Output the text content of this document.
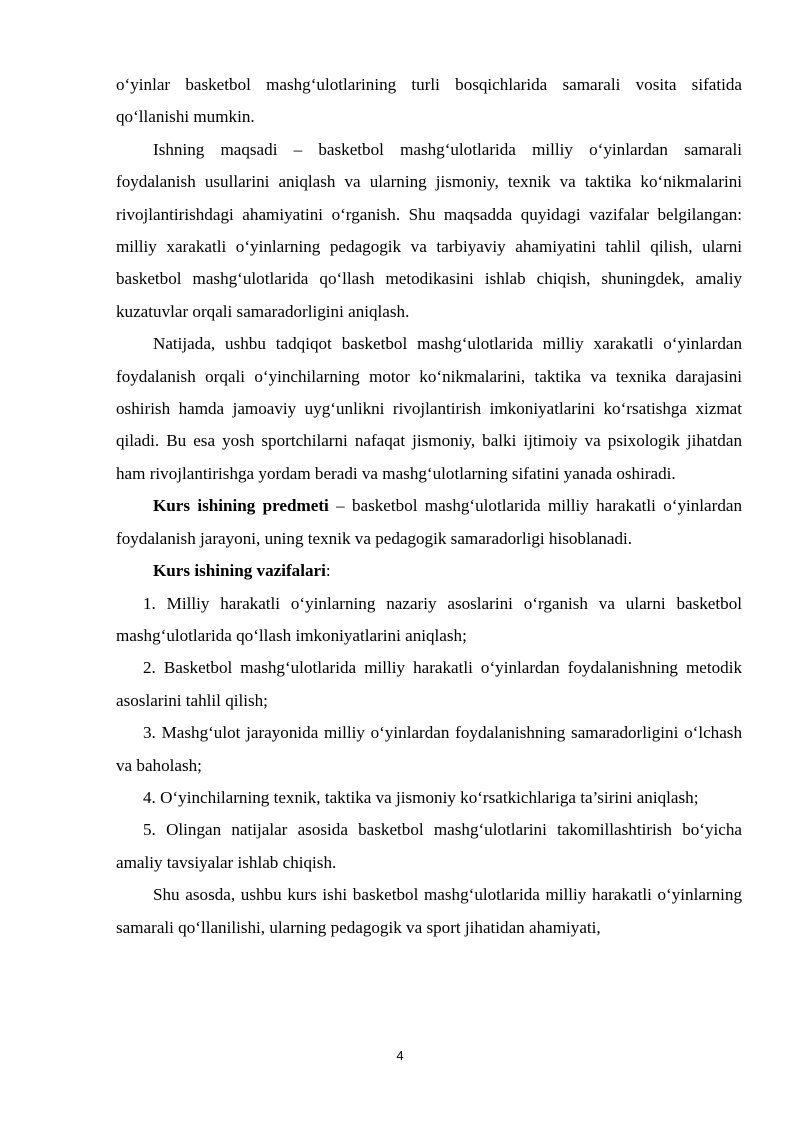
o‘yinlar basketbol mashg‘ulotlarining turli bosqichlarida samarali vosita sifatida qo‘llanishi mumkin.

Ishning maqsadi – basketbol mashg‘ulotlarida milliy o‘yinlardan samarali foydalanish usullarini aniqlash va ularning jismoniy, texnik va taktika ko‘nikmalarini rivojlantirishdagi ahamiyatini o‘rganish. Shu maqsadda quyidagi vazifalar belgilangan: milliy xarakatli o‘yinlarning pedagogik va tarbiyaviy ahamiyatini tahlil qilish, ularni basketbol mashg‘ulotlarida qo‘llash metodikasini ishlab chiqish, shuningdek, amaliy kuzatuvlar orqali samaradorligini aniqlash.

Natijada, ushbu tadqiqot basketbol mashg‘ulotlarida milliy xarakatli o‘yinlardan foydalanish orqali o‘yinchilarning motor ko‘nikmalarini, taktika va texnika darajasini oshirish hamda jamoaviy uyg‘unlikni rivojlantirish imkoniyatlarini ko‘rsatishga xizmat qiladi. Bu esa yosh sportchilarni nafaqat jismoniy, balki ijtimoiy va psixologik jihatdan ham rivojlantirishga yordam beradi va mashg‘ulotlarning sifatini yanada oshiradi.

Kurs ishining predmeti – basketbol mashg‘ulotlarida milliy harakatli o‘yinlardan foydalanish jarayoni, uning texnik va pedagogik samaradorligi hisoblanadi.

Kurs ishining vazifalari:

1. Milliy harakatli o‘yinlarning nazariy asoslarini o‘rganish va ularni basketbol mashg‘ulotlarida qo‘llash imkoniyatlarini aniqlash;

2. Basketbol mashg‘ulotlarida milliy harakatli o‘yinlardan foydalanishning metodik asoslarini tahlil qilish;

3. Mashg‘ulot jarayonida milliy o‘yinlardan foydalanishning samaradorligini o‘lchash va baholash;

4. O‘yinchilarning texnik, taktika va jismoniy ko‘rsatkichlariga ta’sirini aniqlash;

5. Olingan natijalar asosida basketbol mashg‘ulotlarini takomillashtirish bo‘yicha amaliy tavsiyalar ishlab chiqish.

Shu asosda, ushbu kurs ishi basketbol mashg‘ulotlarida milliy harakatli o‘yinlarning samarali qo‘llanilishi, ularning pedagogik va sport jihatidan ahamiyati,

4
